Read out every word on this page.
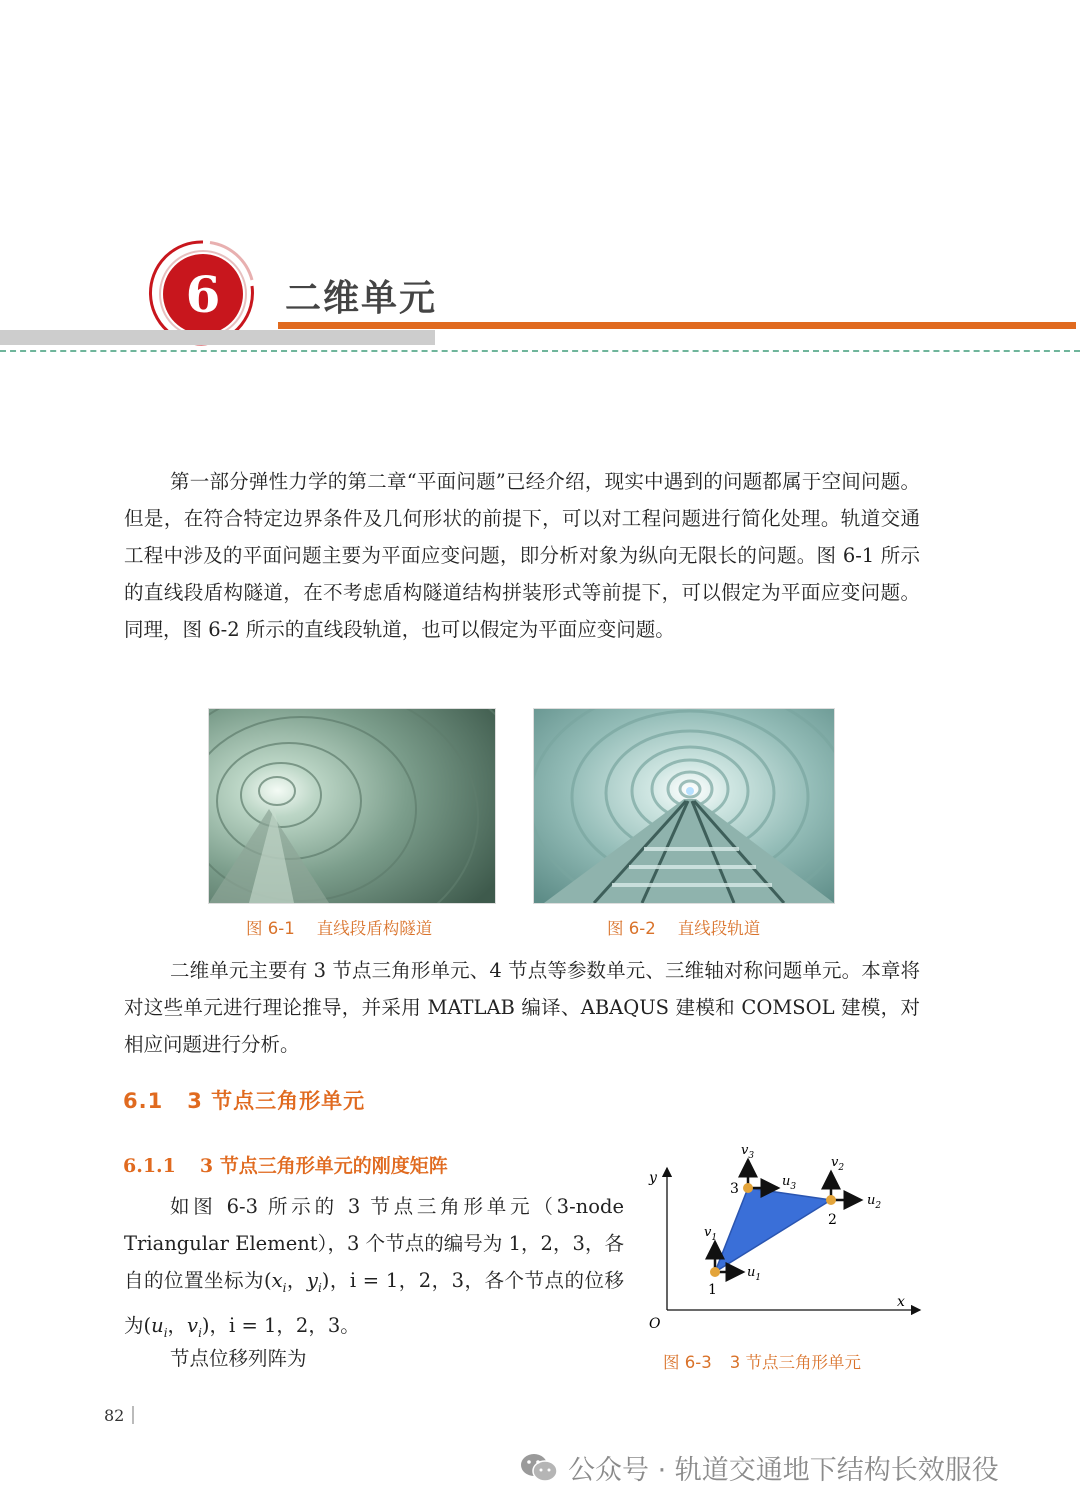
6 二维单元
第一部分弹性力学的第二章“平面问题”已经介绍，现实中遇到的问题都属于空间问题。但是，在符合特定边界条件及几何形状的前提下，可以对工程问题进行简化处理。轨道交通工程中涉及的平面问题主要为平面应变问题，即分析对象为纵向无限长的问题。图 6-1 所示的直线段盾构隧道，在不考虑盾构隧道结构拼装形式等前提下，可以假定为平面应变问题。同理，图 6-2 所示的直线段轨道，也可以假定为平面应变问题。
图 6-1 直线段盾构隧道	图 6-2 直线段轨道
二维单元主要有 3 节点三角形单元、4 节点等参数单元、三维轴对称问题单元。本章将对这些单元进行理论推导，并采用 MATLAB 编译、ABAQUS 建模和 COMSOL 建模，对相应问题进行分析。
6.1 3 节点三角形单元
6.1.1 3 节点三角形单元的刚度矩阵
如图 6-3 所示的 3 节点三角形单元（3-node Triangular Element），3 个节点的编号为 1，2，3，各自的位置坐标为($x_i$，$y_i$)，i = 1，2，3，各个节点的位移为($u_i$，$v_i$)，i = 1，2，3。
节点位移列阵为
O
x
y
1
2
3
$v_1$
$u_1$
$v_2$
$u_2$
$v_3$
$u_3$
图 6-3 3 节点三角形单元
82
公众号 · 轨道交通地下结构长效服役
